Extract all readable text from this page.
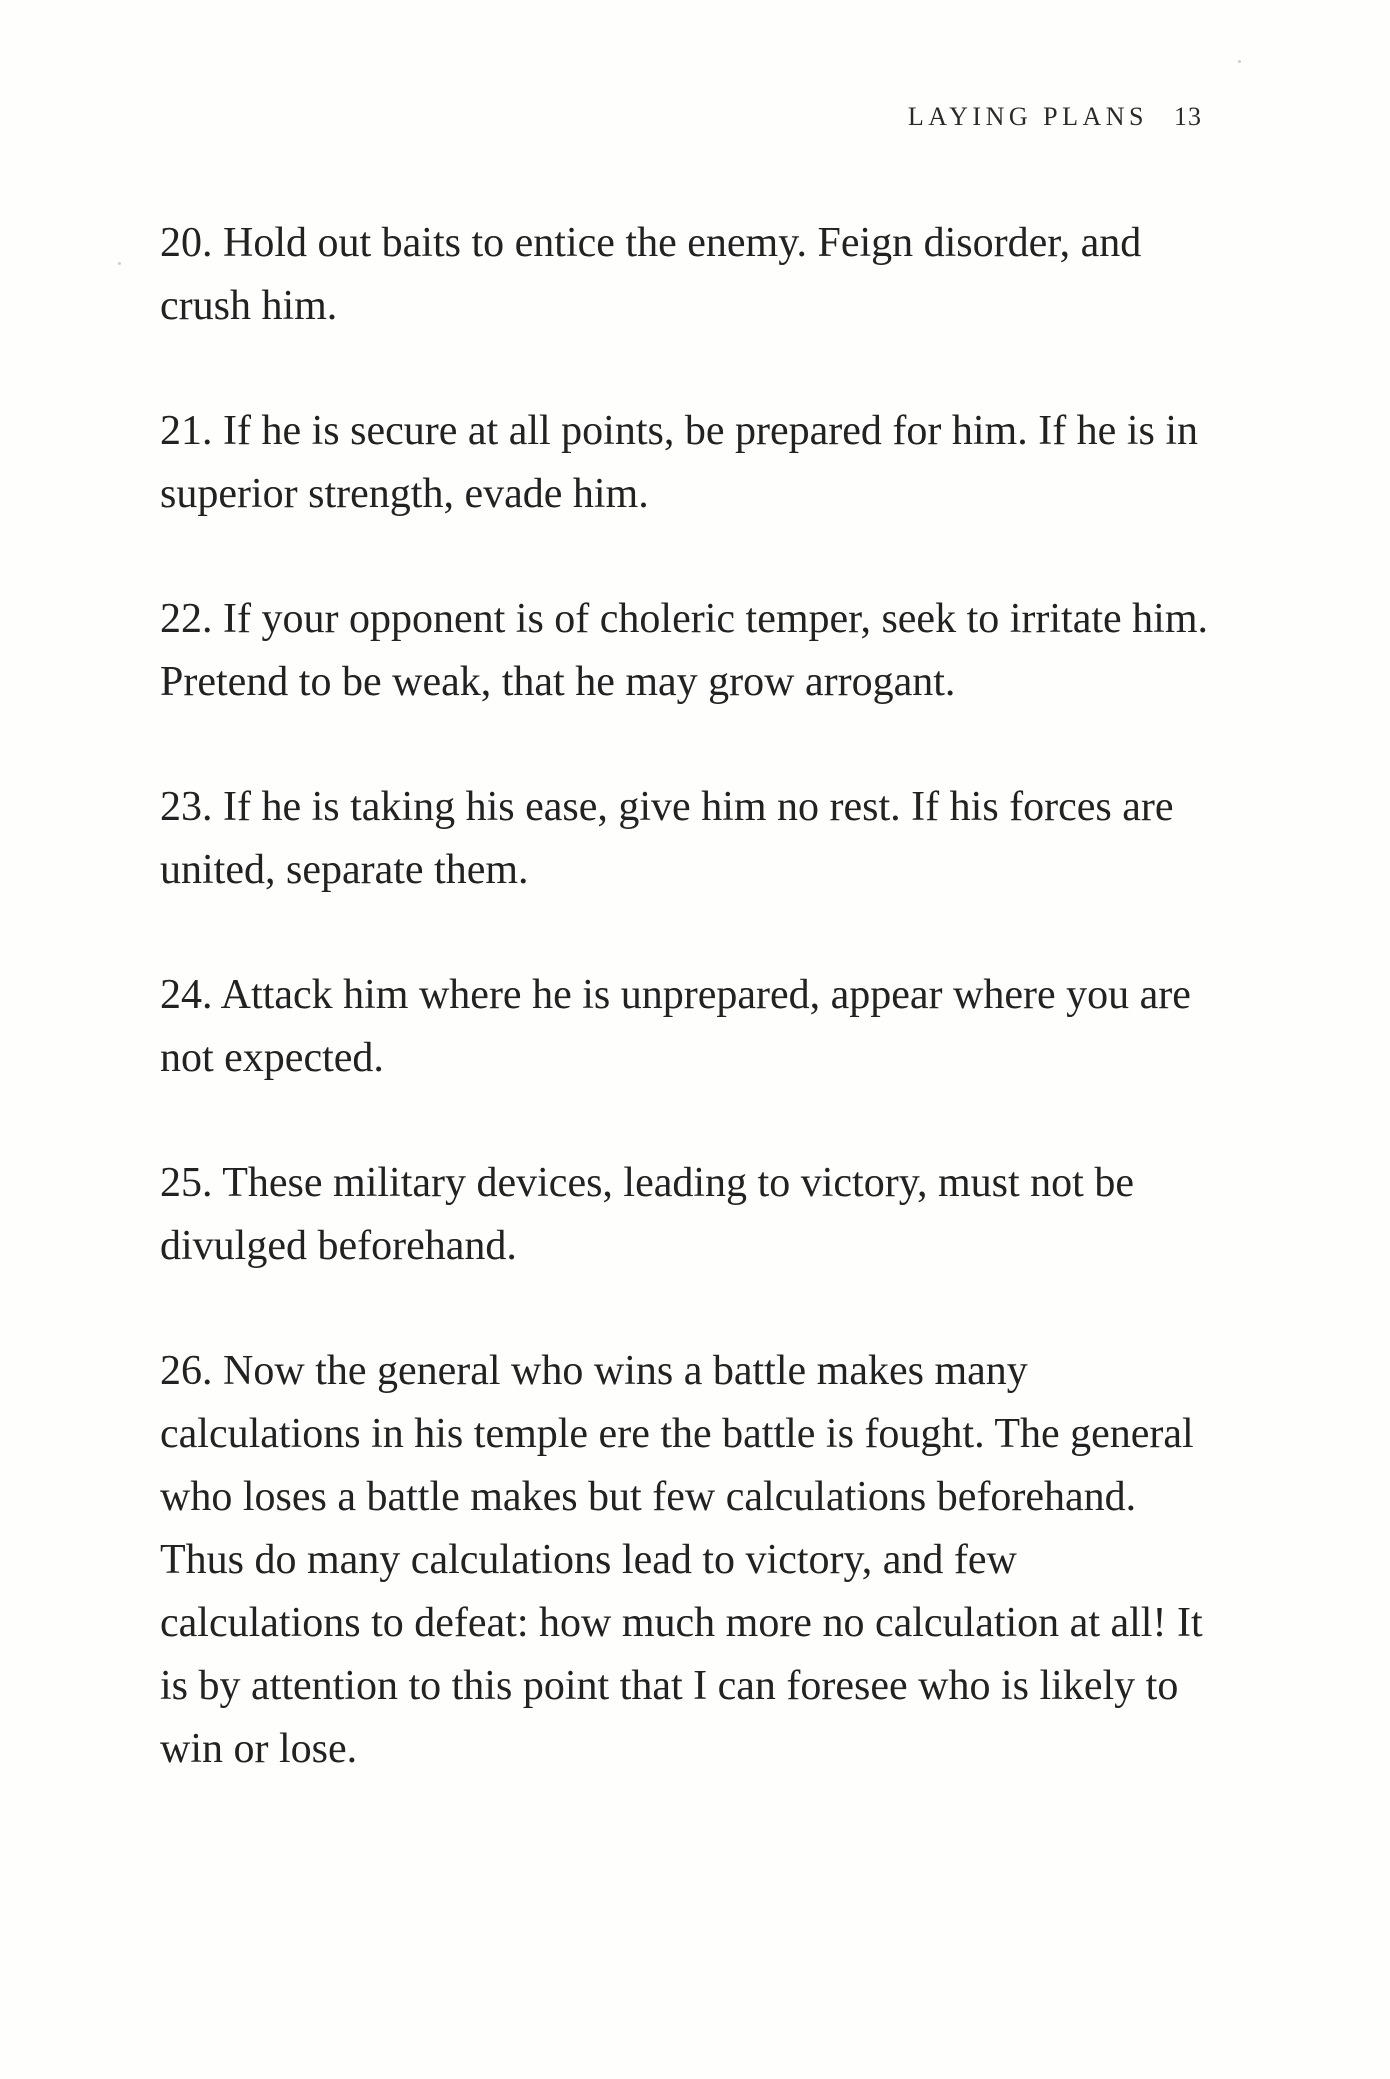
LAYING PLANS 13

20. Hold out baits to entice the enemy. Feign disorder, and crush him.

21. If he is secure at all points, be prepared for him. If he is in superior strength, evade him.

22. If your opponent is of choleric temper, seek to irritate him. Pretend to be weak, that he may grow arrogant.

23. If he is taking his ease, give him no rest. If his forces are united, separate them.

24. Attack him where he is unprepared, appear where you are not expected.

25. These military devices, leading to victory, must not be divulged beforehand.

26. Now the general who wins a battle makes many calculations in his temple ere the battle is fought. The general who loses a battle makes but few calculations beforehand. Thus do many calculations lead to victory, and few calculations to defeat: how much more no calculation at all! It is by attention to this point that I can foresee who is likely to win or lose.
